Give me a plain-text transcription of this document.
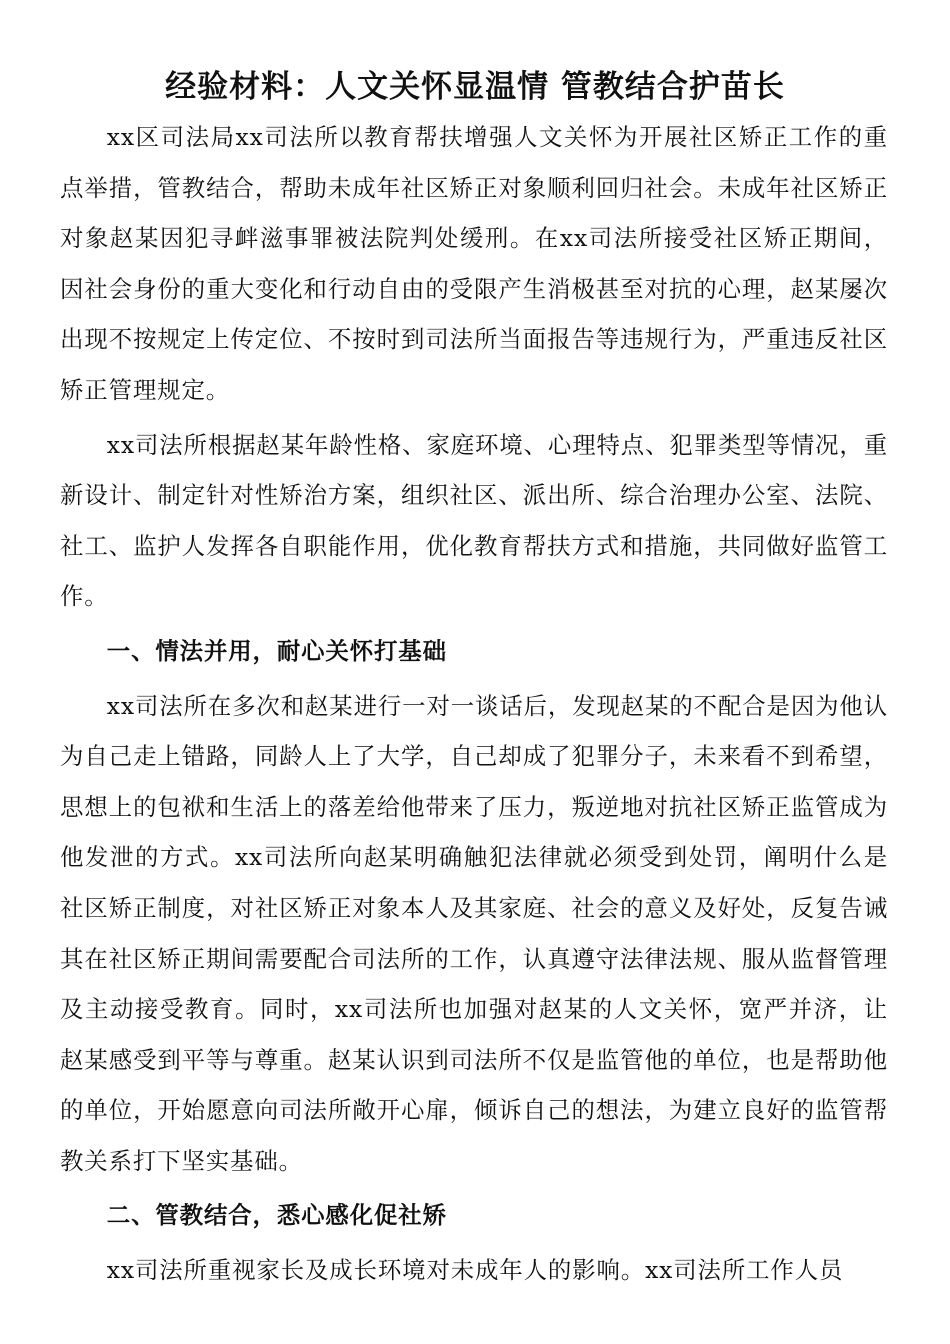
经验材料：人文关怀显温情 管教结合护苗长

xx区司法局xx司法所以教育帮扶增强人文关怀为开展社区矫正工作的重点举措，管教结合，帮助未成年社区矫正对象顺利回归社会。未成年社区矫正对象赵某因犯寻衅滋事罪被法院判处缓刑。在xx司法所接受社区矫正期间，因社会身份的重大变化和行动自由的受限产生消极甚至对抗的心理，赵某屡次出现不按规定上传定位、不按时到司法所当面报告等违规行为，严重违反社区矫正管理规定。

xx司法所根据赵某年龄性格、家庭环境、心理特点、犯罪类型等情况，重新设计、制定针对性矫治方案，组织社区、派出所、综合治理办公室、法院、社工、监护人发挥各自职能作用，优化教育帮扶方式和措施，共同做好监管工作。

一、情法并用，耐心关怀打基础

xx司法所在多次和赵某进行一对一谈话后，发现赵某的不配合是因为他认为自己走上错路，同龄人上了大学，自己却成了犯罪分子，未来看不到希望，思想上的包袱和生活上的落差给他带来了压力，叛逆地对抗社区矫正监管成为他发泄的方式。xx司法所向赵某明确触犯法律就必须受到处罚，阐明什么是社区矫正制度，对社区矫正对象本人及其家庭、社会的意义及好处，反复告诫其在社区矫正期间需要配合司法所的工作，认真遵守法律法规、服从监督管理及主动接受教育。同时，xx司法所也加强对赵某的人文关怀，宽严并济，让赵某感受到平等与尊重。赵某认识到司法所不仅是监管他的单位，也是帮助他的单位，开始愿意向司法所敞开心扉，倾诉自己的想法，为建立良好的监管帮教关系打下坚实基础。

二、管教结合，悉心感化促社矫

xx司法所重视家长及成长环境对未成年人的影响。xx司法所工作人员
